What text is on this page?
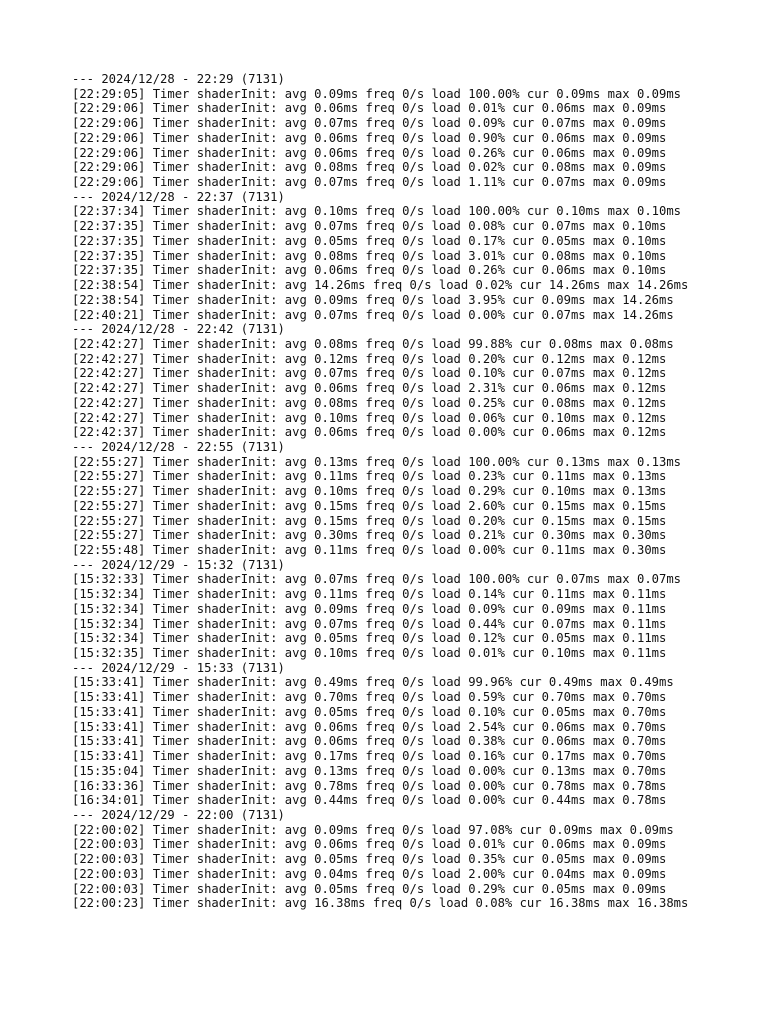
--- 2024/12/28 - 22:29 (7131)
[22:29:05] Timer shaderInit: avg 0.09ms freq 0/s load 100.00% cur 0.09ms max 0.09ms
[22:29:06] Timer shaderInit: avg 0.06ms freq 0/s load 0.01% cur 0.06ms max 0.09ms
[22:29:06] Timer shaderInit: avg 0.07ms freq 0/s load 0.09% cur 0.07ms max 0.09ms
[22:29:06] Timer shaderInit: avg 0.06ms freq 0/s load 0.90% cur 0.06ms max 0.09ms
[22:29:06] Timer shaderInit: avg 0.06ms freq 0/s load 0.26% cur 0.06ms max 0.09ms
[22:29:06] Timer shaderInit: avg 0.08ms freq 0/s load 0.02% cur 0.08ms max 0.09ms
[22:29:06] Timer shaderInit: avg 0.07ms freq 0/s load 1.11% cur 0.07ms max 0.09ms
--- 2024/12/28 - 22:37 (7131)
[22:37:34] Timer shaderInit: avg 0.10ms freq 0/s load 100.00% cur 0.10ms max 0.10ms
[22:37:35] Timer shaderInit: avg 0.07ms freq 0/s load 0.08% cur 0.07ms max 0.10ms
[22:37:35] Timer shaderInit: avg 0.05ms freq 0/s load 0.17% cur 0.05ms max 0.10ms
[22:37:35] Timer shaderInit: avg 0.08ms freq 0/s load 3.01% cur 0.08ms max 0.10ms
[22:37:35] Timer shaderInit: avg 0.06ms freq 0/s load 0.26% cur 0.06ms max 0.10ms
[22:38:54] Timer shaderInit: avg 14.26ms freq 0/s load 0.02% cur 14.26ms max 14.26ms
[22:38:54] Timer shaderInit: avg 0.09ms freq 0/s load 3.95% cur 0.09ms max 14.26ms
[22:40:21] Timer shaderInit: avg 0.07ms freq 0/s load 0.00% cur 0.07ms max 14.26ms
--- 2024/12/28 - 22:42 (7131)
[22:42:27] Timer shaderInit: avg 0.08ms freq 0/s load 99.88% cur 0.08ms max 0.08ms
[22:42:27] Timer shaderInit: avg 0.12ms freq 0/s load 0.20% cur 0.12ms max 0.12ms
[22:42:27] Timer shaderInit: avg 0.07ms freq 0/s load 0.10% cur 0.07ms max 0.12ms
[22:42:27] Timer shaderInit: avg 0.06ms freq 0/s load 2.31% cur 0.06ms max 0.12ms
[22:42:27] Timer shaderInit: avg 0.08ms freq 0/s load 0.25% cur 0.08ms max 0.12ms
[22:42:27] Timer shaderInit: avg 0.10ms freq 0/s load 0.06% cur 0.10ms max 0.12ms
[22:42:37] Timer shaderInit: avg 0.06ms freq 0/s load 0.00% cur 0.06ms max 0.12ms
--- 2024/12/28 - 22:55 (7131)
[22:55:27] Timer shaderInit: avg 0.13ms freq 0/s load 100.00% cur 0.13ms max 0.13ms
[22:55:27] Timer shaderInit: avg 0.11ms freq 0/s load 0.23% cur 0.11ms max 0.13ms
[22:55:27] Timer shaderInit: avg 0.10ms freq 0/s load 0.29% cur 0.10ms max 0.13ms
[22:55:27] Timer shaderInit: avg 0.15ms freq 0/s load 2.60% cur 0.15ms max 0.15ms
[22:55:27] Timer shaderInit: avg 0.15ms freq 0/s load 0.20% cur 0.15ms max 0.15ms
[22:55:27] Timer shaderInit: avg 0.30ms freq 0/s load 0.21% cur 0.30ms max 0.30ms
[22:55:48] Timer shaderInit: avg 0.11ms freq 0/s load 0.00% cur 0.11ms max 0.30ms
--- 2024/12/29 - 15:32 (7131)
[15:32:33] Timer shaderInit: avg 0.07ms freq 0/s load 100.00% cur 0.07ms max 0.07ms
[15:32:34] Timer shaderInit: avg 0.11ms freq 0/s load 0.14% cur 0.11ms max 0.11ms
[15:32:34] Timer shaderInit: avg 0.09ms freq 0/s load 0.09% cur 0.09ms max 0.11ms
[15:32:34] Timer shaderInit: avg 0.07ms freq 0/s load 0.44% cur 0.07ms max 0.11ms
[15:32:34] Timer shaderInit: avg 0.05ms freq 0/s load 0.12% cur 0.05ms max 0.11ms
[15:32:35] Timer shaderInit: avg 0.10ms freq 0/s load 0.01% cur 0.10ms max 0.11ms
--- 2024/12/29 - 15:33 (7131)
[15:33:41] Timer shaderInit: avg 0.49ms freq 0/s load 99.96% cur 0.49ms max 0.49ms
[15:33:41] Timer shaderInit: avg 0.70ms freq 0/s load 0.59% cur 0.70ms max 0.70ms
[15:33:41] Timer shaderInit: avg 0.05ms freq 0/s load 0.10% cur 0.05ms max 0.70ms
[15:33:41] Timer shaderInit: avg 0.06ms freq 0/s load 2.54% cur 0.06ms max 0.70ms
[15:33:41] Timer shaderInit: avg 0.06ms freq 0/s load 0.38% cur 0.06ms max 0.70ms
[15:33:41] Timer shaderInit: avg 0.17ms freq 0/s load 0.16% cur 0.17ms max 0.70ms
[15:35:04] Timer shaderInit: avg 0.13ms freq 0/s load 0.00% cur 0.13ms max 0.70ms
[16:33:36] Timer shaderInit: avg 0.78ms freq 0/s load 0.00% cur 0.78ms max 0.78ms
[16:34:01] Timer shaderInit: avg 0.44ms freq 0/s load 0.00% cur 0.44ms max 0.78ms
--- 2024/12/29 - 22:00 (7131)
[22:00:02] Timer shaderInit: avg 0.09ms freq 0/s load 97.08% cur 0.09ms max 0.09ms
[22:00:03] Timer shaderInit: avg 0.06ms freq 0/s load 0.01% cur 0.06ms max 0.09ms
[22:00:03] Timer shaderInit: avg 0.05ms freq 0/s load 0.35% cur 0.05ms max 0.09ms
[22:00:03] Timer shaderInit: avg 0.04ms freq 0/s load 2.00% cur 0.04ms max 0.09ms
[22:00:03] Timer shaderInit: avg 0.05ms freq 0/s load 0.29% cur 0.05ms max 0.09ms
[22:00:23] Timer shaderInit: avg 16.38ms freq 0/s load 0.08% cur 16.38ms max 16.38ms
